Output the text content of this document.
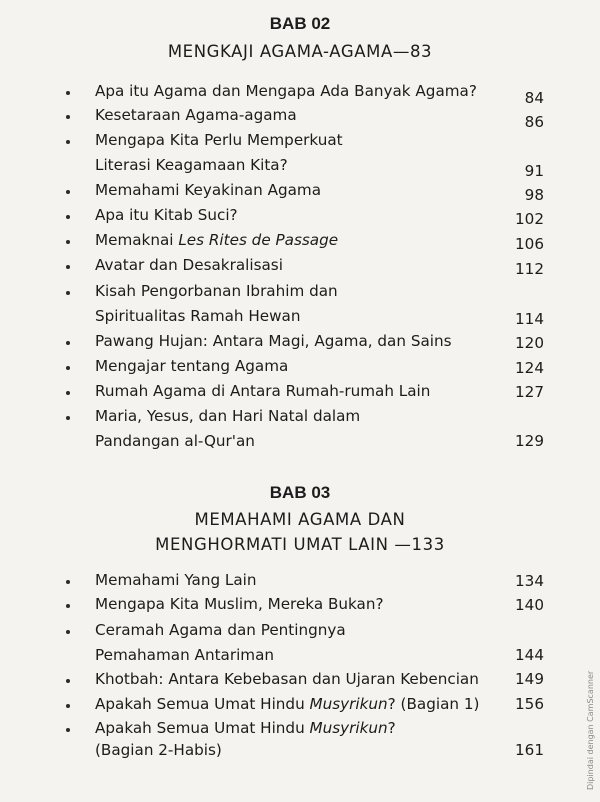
BAB 02
MENGKAJI AGAMA-AGAMA—83
Apa itu Agama dan Mengapa Ada Banyak Agama?	84
Kesetaraan Agama-agama	86
Mengapa Kita Perlu Memperkuat
Literasi Keagamaan Kita?	91
Memahami Keyakinan Agama	98
Apa itu Kitab Suci?	102
Memaknai Les Rites de Passage	106
Avatar dan Desakralisasi	112
Kisah Pengorbanan Ibrahim dan
Spiritualitas Ramah Hewan	114
Pawang Hujan: Antara Magi, Agama, dan Sains	120
Mengajar tentang Agama	124
Rumah Agama di Antara Rumah-rumah Lain	127
Maria, Yesus, dan Hari Natal dalam
Pandangan al-Qur'an	129
BAB 03
MEMAHAMI AGAMA DAN
MENGHORMATI UMAT LAIN —133
Memahami Yang Lain	134
Mengapa Kita Muslim, Mereka Bukan?	140
Ceramah Agama dan Pentingnya
Pemahaman Antariman	144
Khotbah: Antara Kebebasan dan Ujaran Kebencian 149
Apakah Semua Umat Hindu Musyrikun? (Bagian 1) 156
Apakah Semua Umat Hindu Musyrikun?
(Bagian 2-Habis)	161	Dipindai dengan CamScanner
